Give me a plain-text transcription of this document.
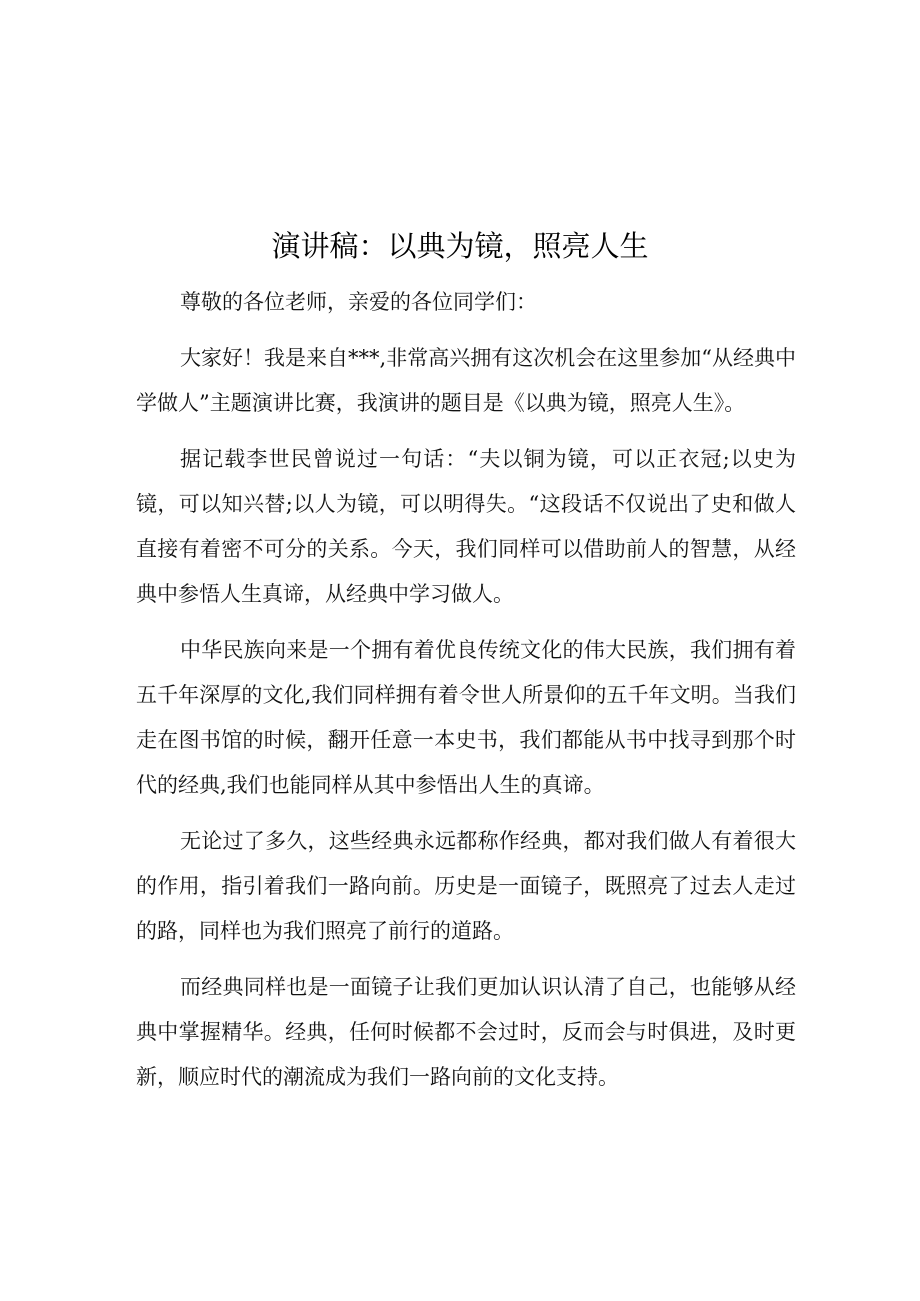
演讲稿：以典为镜，照亮人生

尊敬的各位老师，亲爱的各位同学们：

大家好！我是来自***,非常高兴拥有这次机会在这里参加“从经典中学做人”主题演讲比赛，我演讲的题目是《以典为镜，照亮人生》。

据记载李世民曾说过一句话：“夫以铜为镜，可以正衣冠;以史为镜，可以知兴替;以人为镜，可以明得失。“这段话不仅说出了史和做人直接有着密不可分的关系。今天，我们同样可以借助前人的智慧，从经典中参悟人生真谛，从经典中学习做人。

中华民族向来是一个拥有着优良传统文化的伟大民族，我们拥有着五千年深厚的文化,我们同样拥有着令世人所景仰的五千年文明。当我们走在图书馆的时候，翻开任意一本史书，我们都能从书中找寻到那个时代的经典,我们也能同样从其中参悟出人生的真谛。

无论过了多久，这些经典永远都称作经典，都对我们做人有着很大的作用，指引着我们一路向前。历史是一面镜子，既照亮了过去人走过的路，同样也为我们照亮了前行的道路。

而经典同样也是一面镜子让我们更加认识认清了自己，也能够从经典中掌握精华。经典，任何时候都不会过时，反而会与时俱进，及时更新，顺应时代的潮流成为我们一路向前的文化支持。
